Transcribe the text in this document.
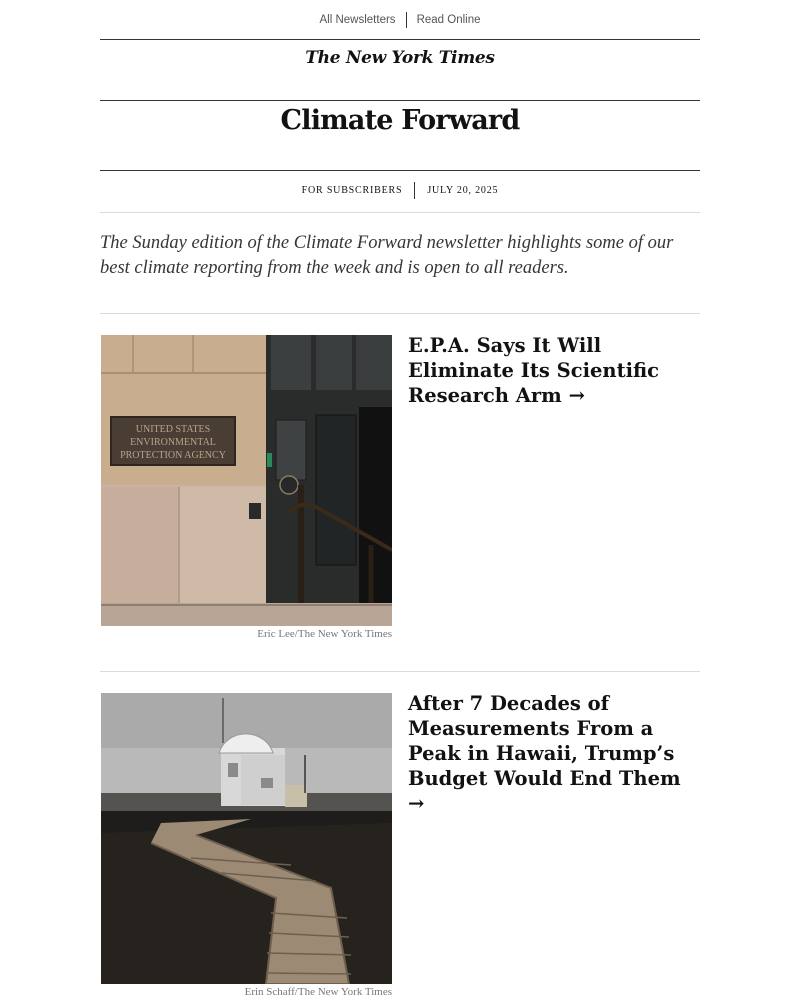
All Newsletters	Read Online
The New York Times
Climate Forward
FOR SUBSCRIBERS	JULY 20, 2025
The Sunday edition of the Climate Forward newsletter highlights some of our best climate reporting from the week and is open to all readers.
UNITED STATES
ENVIRONMENTAL
PROTECTION AGENCY
Eric Lee/The New York Times
E.P.A. Says It Will Eliminate Its Scientific Research Arm →
Erin Schaff/The New York Times
After 7 Decades of Measurements From a Peak in Hawaii, Trump’s Budget Would End Them →
